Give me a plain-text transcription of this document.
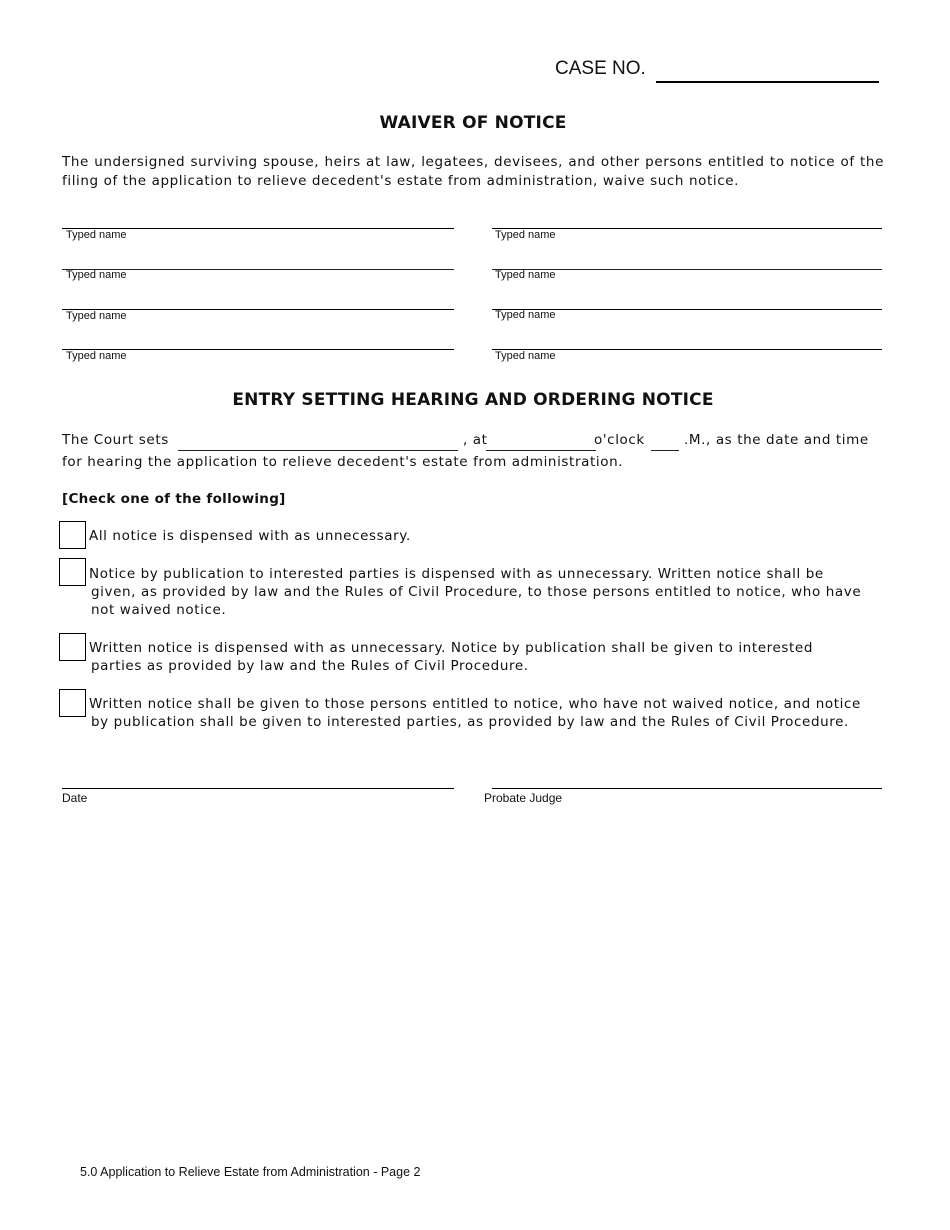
CASE NO.
WAIVER OF NOTICE
The undersigned surviving spouse, heirs at law, legatees, devisees, and other persons entitled to notice of the filing of the application to relieve decedent's estate from administration, waive such notice.
Typed name
Typed name
Typed name
Typed name
Typed name
Typed name
Typed name
Typed name
ENTRY SETTING HEARING AND ORDERING NOTICE
The Court sets	, at	o'clock	.M., as the date and time
for hearing the application to relieve decedent's estate from administration.
[Check one of the following]
All notice is dispensed with as unnecessary.
Notice by publication to interested parties is dispensed with as unnecessary. Written notice shall be
given, as provided by law and the Rules of Civil Procedure, to those persons entitled to notice, who have
not waived notice.
Written notice is dispensed with as unnecessary. Notice by publication shall be given to interested
parties as provided by law and the Rules of Civil Procedure.
Written notice shall be given to those persons entitled to notice, who have not waived notice, and notice
by publication shall be given to interested parties, as provided by law and the Rules of Civil Procedure.
Date	Probate Judge
5.0 Application to Relieve Estate from Administration - Page 2
